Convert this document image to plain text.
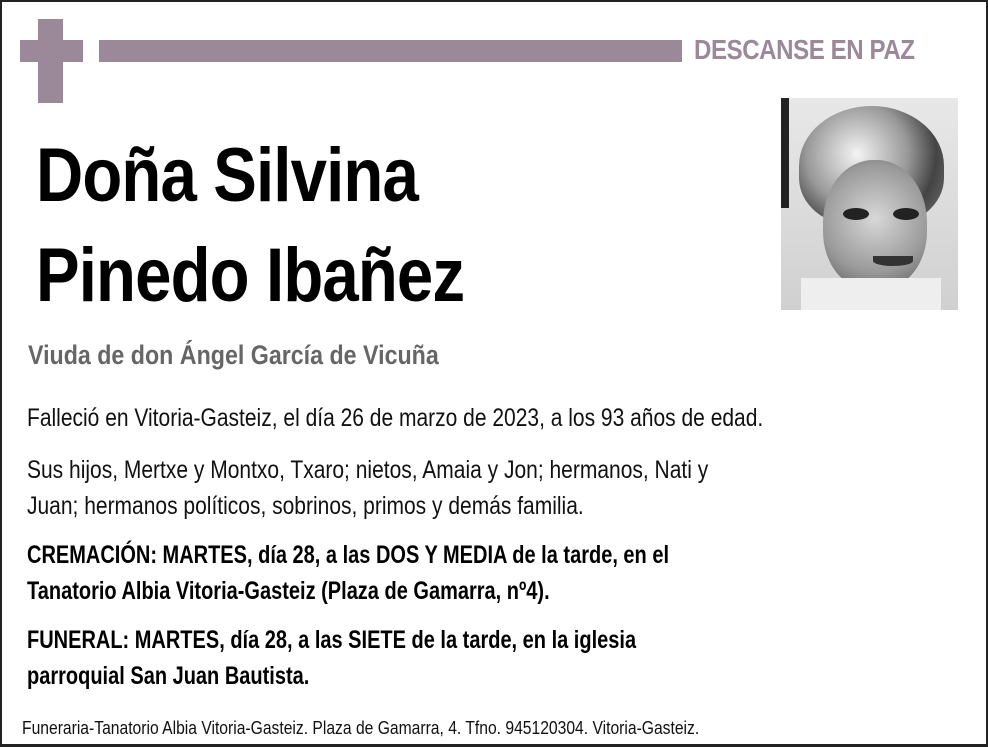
DESCANSE EN PAZ
Doña Silvina
Pinedo Ibañez
Viuda de don Ángel García de Vicuña
Falleció en Vitoria-Gasteiz, el día 26 de marzo de 2023, a los 93 años de edad.
Sus hijos, Mertxe y Montxo, Txaro; nietos, Amaia y Jon; hermanos, Nati y
Juan; hermanos políticos, sobrinos, primos y demás familia.
CREMACIÓN: MARTES, día 28, a las DOS Y MEDIA de la tarde, en el
Tanatorio Albia Vitoria-Gasteiz (Plaza de Gamarra, nº4).
FUNERAL: MARTES, día 28, a las SIETE de la tarde, en la iglesia
parroquial San Juan Bautista.
Funeraria-Tanatorio Albia Vitoria-Gasteiz. Plaza de Gamarra, 4. Tfno. 945120304. Vitoria-Gasteiz.
